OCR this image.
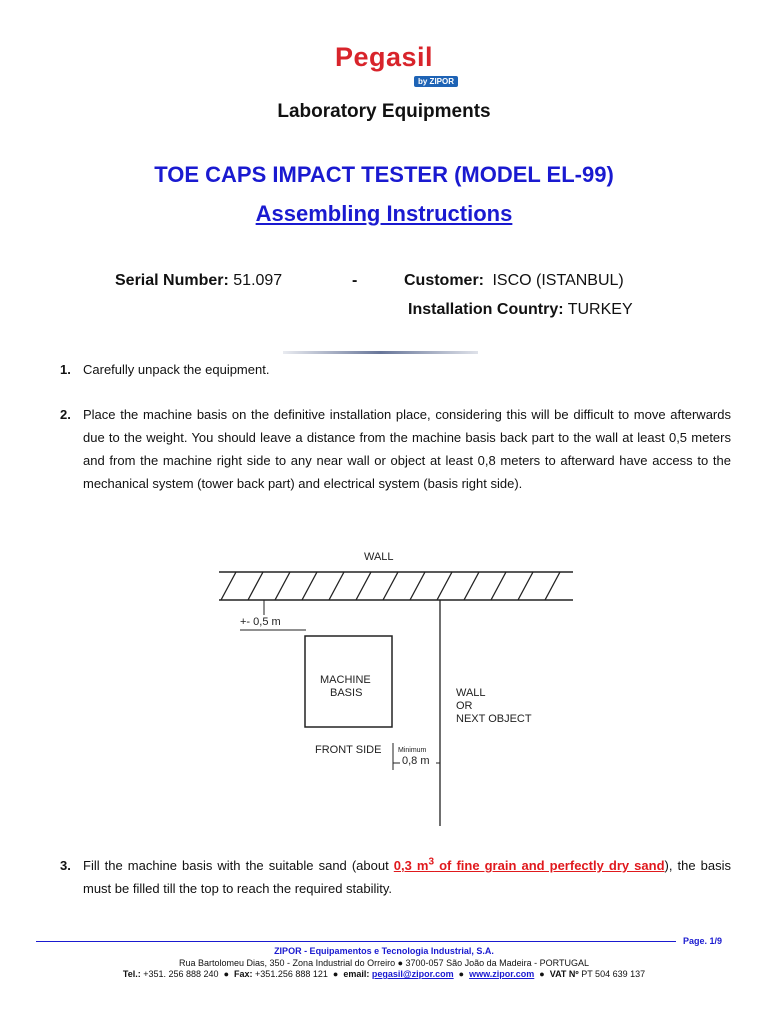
Pegasil
by ZIPOR
Laboratory Equipments
TOE CAPS IMPACT TESTER (MODEL EL-99)
Assembling Instructions
Serial Number: 51.097	-	Customer: ISCO (ISTANBUL)
Installation Country: TURKEY
1. Carefully unpack the equipment.
2. Place the machine basis on the definitive installation place, considering this will be difficult to move afterwards due to the weight. You should leave a distance from the machine basis back part to the wall at least 0,5 meters and from the machine right side to any near wall or object at least 0,8 meters to afterward have access to the mechanical system (tower back part) and electrical system (basis right side).
WALL
+- 0,5 m
MACHINE
BASIS	WALL
OR
NEXT OBJECT
FRONT SIDE Minimum
0,8 m
3. Fill the machine basis with the suitable sand (about 0,3 $m^3$ of fine grain and perfectly dry sand), the basis must be filled till the top to reach the required stability.
Page. 1/9
ZIPOR - Equipamentos e Tecnologia Industrial, S.A.
Rua Bartolomeu Dias, 350 - Zona Industrial do Orreiro ● 3700-057 São João da Madeira - PORTUGAL
Tel.: +351. 256 888 240  ●  Fax: +351.256 888 121  ●  email: pegasil@zipor.com  ●  www.zipor.com  ●  VAT Nº PT 504 639 137
